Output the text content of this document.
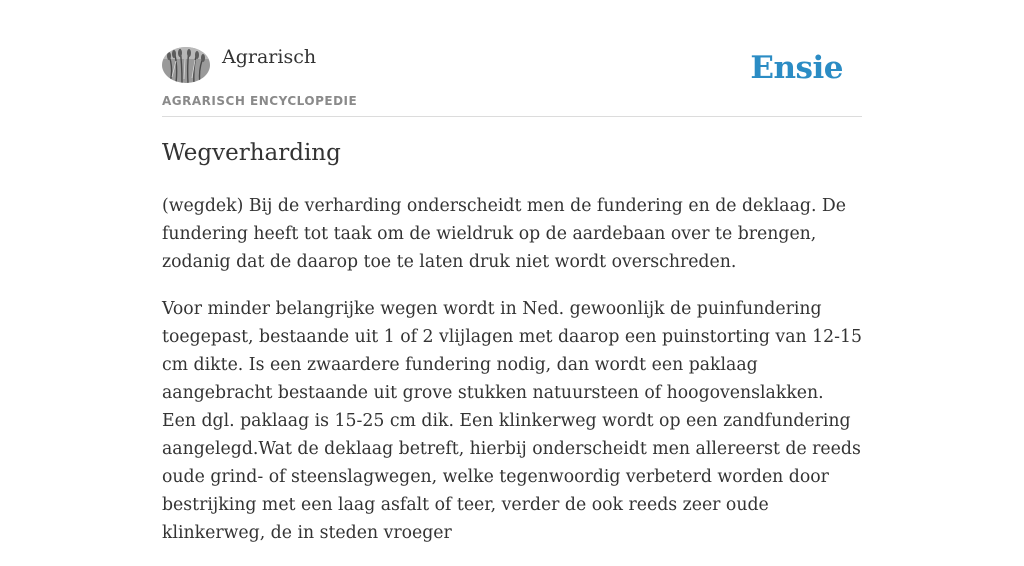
Agrarisch
AGRARISCH ENCYCLOPEDIE
Ensie
Wegverharding

(wegdek) Bij de verharding onderscheidt men de fundering en de deklaag. De fundering heeft tot taak om de wieldruk op de aardebaan over te brengen, zodanig dat de daarop toe te laten druk niet wordt overschreden.

Voor minder belangrijke wegen wordt in Ned. gewoonlijk de puinfundering toegepast, bestaande uit 1 of 2 vlijlagen met daarop een puinstorting van 12-15 cm dikte. Is een zwaardere fundering nodig, dan wordt een paklaag aangebracht bestaande uit grove stukken natuursteen of hoogovenslakken. Een dgl. paklaag is 15-25 cm dik. Een klinkerweg wordt op een zandfundering aangelegd.Wat de deklaag betreft, hierbij onderscheidt men allereerst de reeds oude grind- of steenslagwegen, welke tegenwoordig verbeterd worden door bestrijking met een laag asfalt of teer, verder de ook reeds zeer oude klinkerweg, de in steden vroeger
